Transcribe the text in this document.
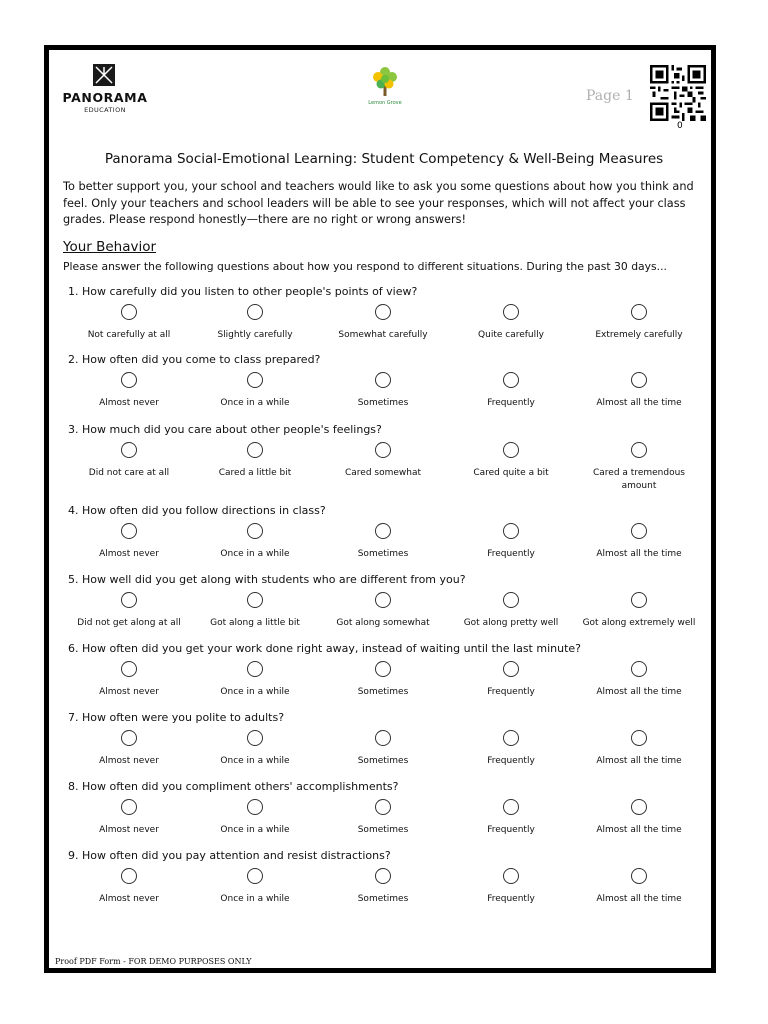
PANORAMA
EDUCATION
Lemon Grove	Page 1
0
Panorama Social-Emotional Learning: Student Competency & Well-Being Measures
To better support you, your school and teachers would like to ask you some questions about how you think and feel. Only your teachers and school leaders will be able to see your responses, which will not affect your class grades. Please respond honestly—there are no right or wrong answers!
Your Behavior
Please answer the following questions about how you respond to different situations. During the past 30 days...
1. How carefully did you listen to other people's points of view?
Not carefully at all	Slightly carefully	Somewhat carefully	Quite carefully	Extremely carefully
2. How often did you come to class prepared?
Almost never	Once in a while	Sometimes	Frequently	Almost all the time
3. How much did you care about other people's feelings?
Did not care at all	Cared a little bit	Cared somewhat	Cared quite a bit	Cared a tremendous amount
4. How often did you follow directions in class?
Almost never	Once in a while	Sometimes	Frequently	Almost all the time
5. How well did you get along with students who are different from you?
Did not get along at all	Got along a little bit	Got along somewhat	Got along pretty well	Got along extremely well
6. How often did you get your work done right away, instead of waiting until the last minute?
Almost never	Once in a while	Sometimes	Frequently	Almost all the time
7. How often were you polite to adults?
Almost never	Once in a while	Sometimes	Frequently	Almost all the time
8. How often did you compliment others' accomplishments?
Almost never	Once in a while	Sometimes	Frequently	Almost all the time
9. How often did you pay attention and resist distractions?
Almost never	Once in a while	Sometimes	Frequently	Almost all the time
Proof PDF Form - FOR DEMO PURPOSES ONLY
